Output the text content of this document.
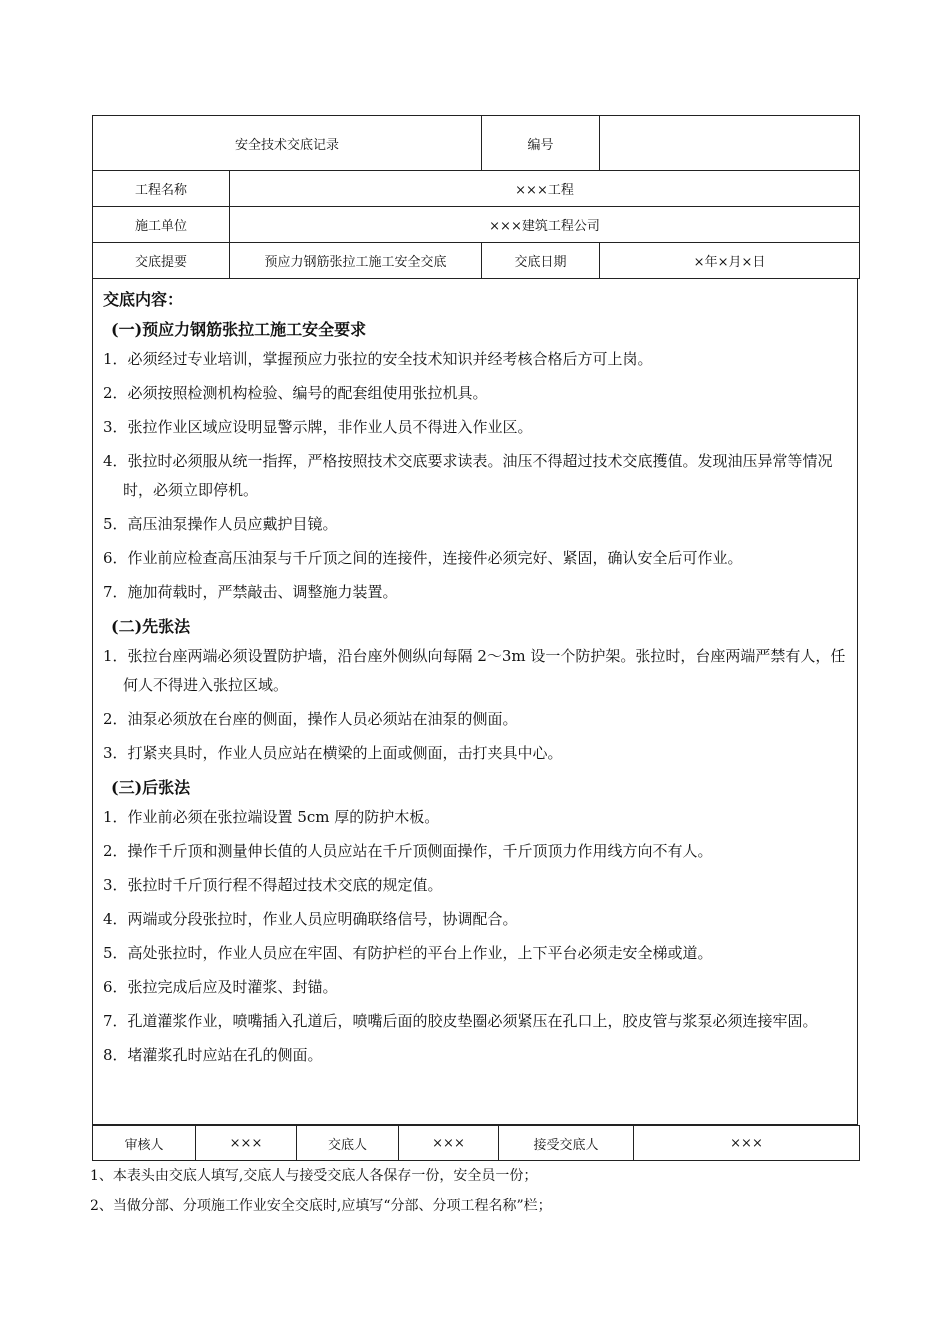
安全技术交底记录		编号	
工程名称	×××工程		
施工单位	×××建筑工程公司		
交底提要	预应力钢筋张拉工施工安全交底	交底日期	×年×月×日
交底内容：
(一)预应力钢筋张拉工施工安全要求
1．必须经过专业培训，掌握预应力张拉的安全技术知识并经考核合格后方可上岗。
2．必须按照检测机构检验、编号的配套组使用张拉机具。
3．张拉作业区域应设明显警示牌，非作业人员不得进入作业区。
4．张拉时必须服从统一指挥，严格按照技术交底要求读表。油压不得超过技术交底擭值。发现油压异常等情况时，必须立即停机。
5．高压油泵操作人员应戴护目镜。
6．作业前应检查高压油泵与千斤顶之间的连接件，连接件必须完好、紧固，确认安全后可作业。
7．施加荷载时，严禁敲击、调整施力装置。
(二)先张法
1．张拉台座两端必须设置防护墙，沿台座外侧纵向每隔 2～3m 设一个防护架。张拉时，台座两端严禁有人，任何人不得进入张拉区域。
2．油泵必须放在台座的侧面，操作人员必须站在油泵的侧面。
3．打紧夹具时，作业人员应站在横梁的上面或侧面，击打夹具中心。
(三)后张法
1．作业前必须在张拉端设置 5cm 厚的防护木板。
2．操作千斤顶和测量伸长值的人员应站在千斤顶侧面操作，千斤顶顶力作用线方向不有人。
3．张拉时千斤顶行程不得超过技术交底的规定值。
4．两端或分段张拉时，作业人员应明确联络信号，协调配合。
5．高处张拉时，作业人员应在牢固、有防护栏的平台上作业，上下平台必须走安全梯或道。
6．张拉完成后应及时灌浆、封锚。
7．孔道灌浆作业，喷嘴插入孔道后，喷嘴后面的胶皮垫圈必须紧压在孔口上，胶皮管与浆泵必须连接牢固。
8．堵灌浆孔时应站在孔的侧面。
审核人	×××	交底人	×××	接受交底人	×××
1、本表头由交底人填写,交底人与接受交底人各保存一份，安全员一份；
2、当做分部、分项施工作业安全交底时,应填写“分部、分项工程名称”栏；
